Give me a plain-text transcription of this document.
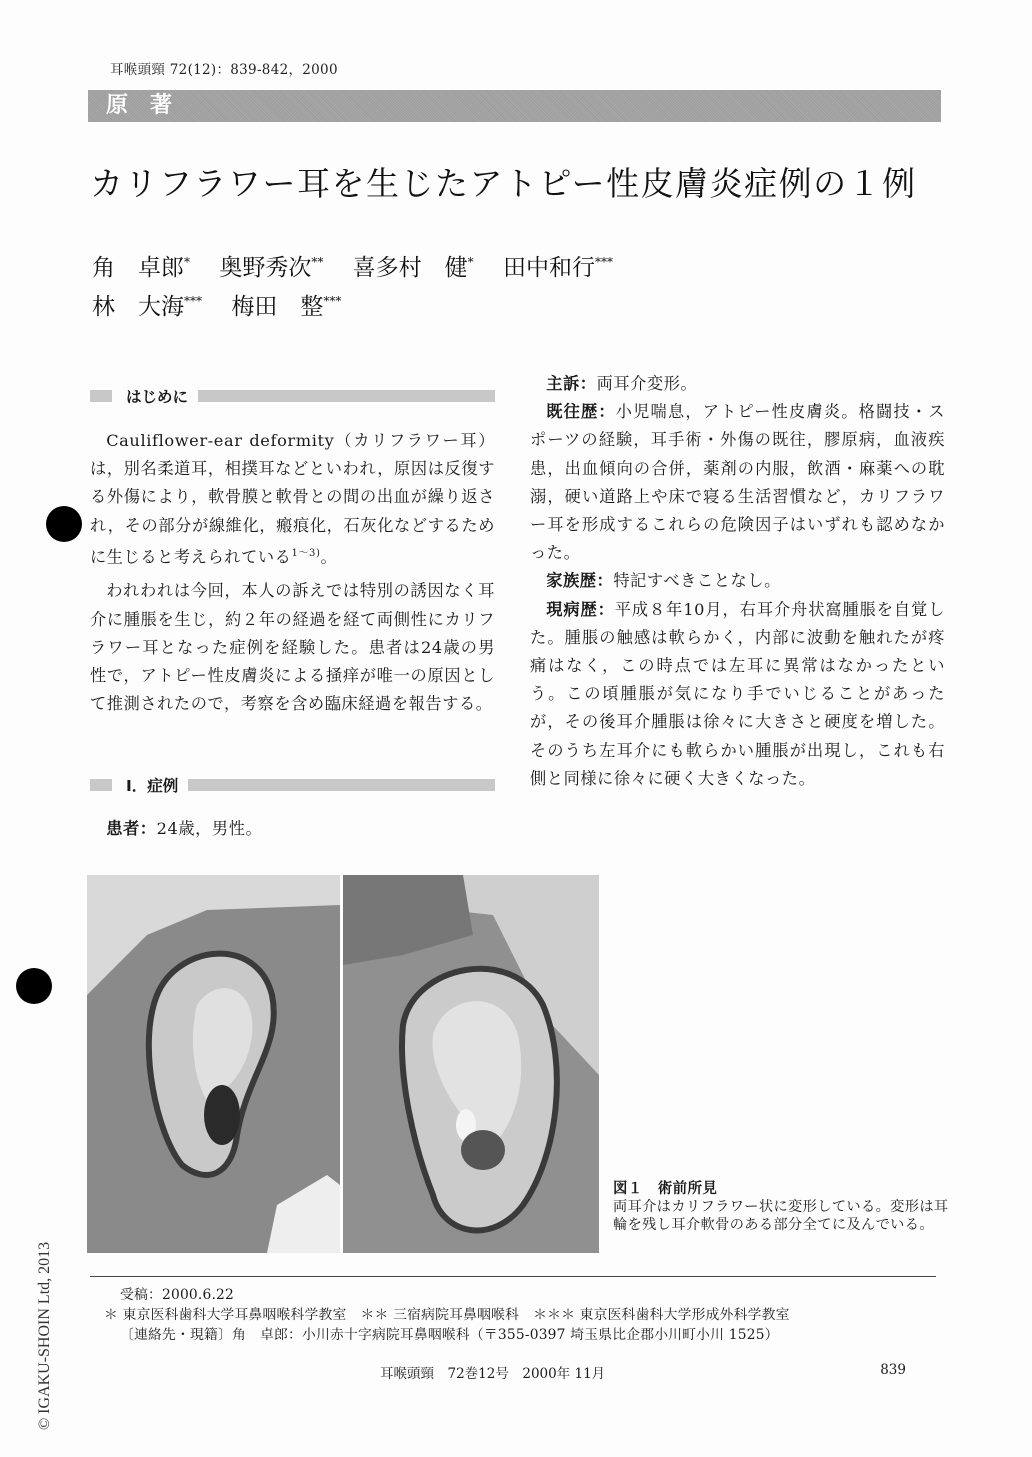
耳喉頭頸 72(12)：839-842，2000
原著
カリフラワー耳を生じたアトピー性皮膚炎症例の１例
角　卓郎* 奥野秀次** 喜多村　健* 田中和行***
林　大海*** 梅田　整***
はじめに

Cauliflower-ear deformity（カリフラワー耳）は，別名柔道耳，相撲耳などといわれ，原因は反復する外傷により，軟骨膜と軟骨との間の出血が繰り返され，その部分が線維化，瘢痕化，石灰化などするために生じると考えられている$^{1〜3)}$。

われわれは今回，本人の訴えでは特別の誘因なく耳介に腫脹を生じ，約２年の経過を経て両側性にカリフラワー耳となった症例を経験した。患者は24歳の男性で，アトピー性皮膚炎による掻痒が唯一の原因として推測されたので，考察を含め臨床経過を報告する。

Ⅰ．症例

患者：24歳，男性。

主訴：両耳介変形。

既往歴：小児喘息，アトピー性皮膚炎。格闘技・スポーツの経験，耳手術・外傷の既往，膠原病，血液疾患，出血傾向の合併，薬剤の内服，飲酒・麻薬への耽溺，硬い道路上や床で寝る生活習慣など，カリフラワー耳を形成するこれらの危険因子はいずれも認めなかった。

家族歴：特記すべきことなし。

現病歴：平成８年10月，右耳介舟状窩腫脹を自覚した。腫脹の触感は軟らかく，内部に波動を触れたが疼痛はなく，この時点では左耳に異常はなかったという。この頃腫脹が気になり手でいじることがあったが，その後耳介腫脹は徐々に大きさと硬度を増した。そのうち左耳介にも軟らかい腫脹が出現し，これも右側と同様に徐々に硬く大きくなった。

図１　術前所見
両耳介はカリフラワー状に変形している。変形は耳輪を残し耳介軟骨のある部分全てに及んでいる。
受稿：2000.6.22
＊ 東京医科歯科大学耳鼻咽喉科学教室　＊＊ 三宿病院耳鼻咽喉科　＊＊＊ 東京医科歯科大学形成外科学教室
〔連絡先・現籍〕角　卓郎：小川赤十字病院耳鼻咽喉科（〒355-0397 埼玉県比企郡小川町小川 1525）
耳喉頭頸　72巻12号　2000年 11月	839
© IGAKU-SHOIN Ltd, 2013
